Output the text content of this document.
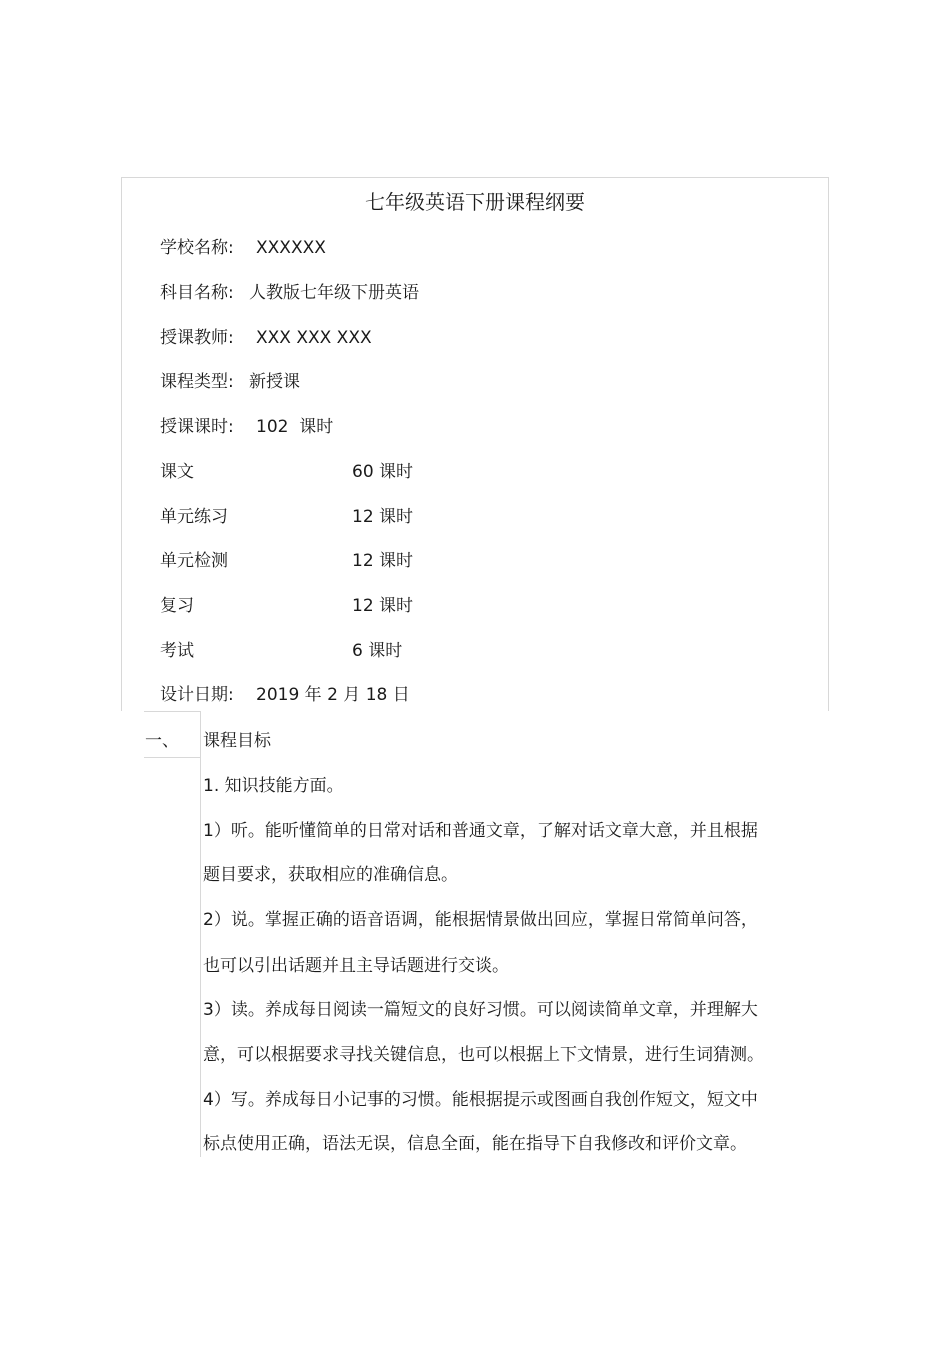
七年级英语下册课程纲要
学校名称: XXXXXX
科目名称: 人教版七年级下册英语
授课教师: XXX XXX XXX
课程类型: 新授课
授课课时: 102  课时
课文	60 课时
单元练习	12 课时
单元检测	12 课时
复习	12 课时
考试	6 课时
设计日期: 2019 年 2 月 18 日
一、 课程目标
1. 知识技能方面。
1）听。能听懂简单的日常对话和普通文章，了解对话文章大意，并且根据
题目要求，获取相应的准确信息。
2）说。掌握正确的语音语调，能根据情景做出回应，掌握日常简单问答，
也可以引出话题并且主导话题进行交谈。
3）读。养成每日阅读一篇短文的良好习惯。可以阅读简单文章，并理解大
意，可以根据要求寻找关键信息，也可以根据上下文情景，进行生词猜测。
4）写。养成每日小记事的习惯。能根据提示或图画自我创作短文，短文中
标点使用正确，语法无误，信息全面，能在指导下自我修改和评价文章。
